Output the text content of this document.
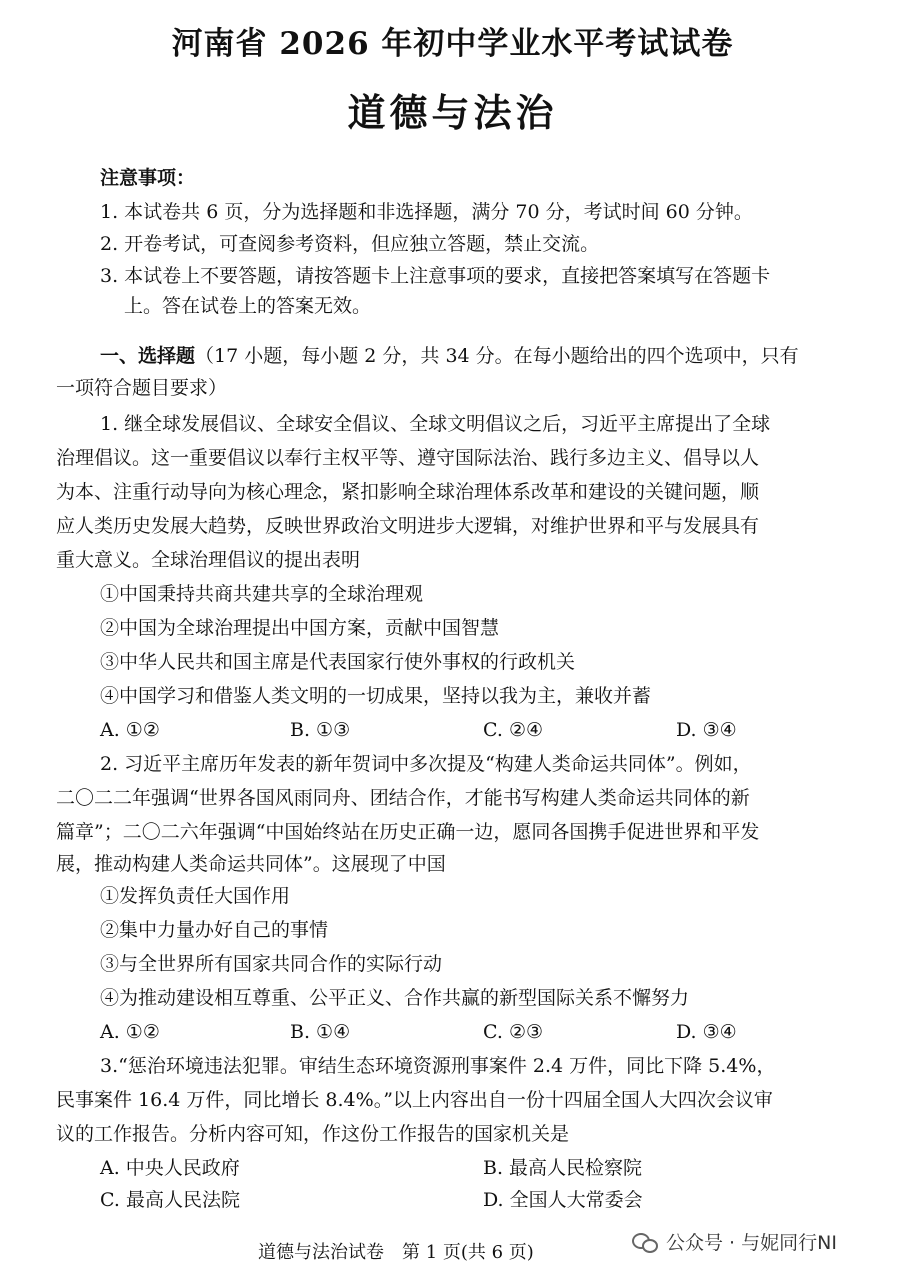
河南省 2026 年初中学业水平考试试卷
道德与法治
注意事项：
1. 本试卷共 6 页，分为选择题和非选择题，满分 70 分，考试时间 60 分钟。
2. 开卷考试，可查阅参考资料，但应独立答题，禁止交流。
3. 本试卷上不要答题，请按答题卡上注意事项的要求，直接把答案填写在答题卡
上。答在试卷上的答案无效。
一、选择题（17 小题，每小题 2 分，共 34 分。在每小题给出的四个选项中，只有
一项符合题目要求）
1. 继全球发展倡议、全球安全倡议、全球文明倡议之后，习近平主席提出了全球
治理倡议。这一重要倡议以奉行主权平等、遵守国际法治、践行多边主义、倡导以人
为本、注重行动导向为核心理念，紧扣影响全球治理体系改革和建设的关键问题，顺
应人类历史发展大趋势，反映世界政治文明进步大逻辑，对维护世界和平与发展具有
重大意义。全球治理倡议的提出表明
①中国秉持共商共建共享的全球治理观
②中国为全球治理提出中国方案，贡献中国智慧
③中华人民共和国主席是代表国家行使外事权的行政机关
④中国学习和借鉴人类文明的一切成果，坚持以我为主，兼收并蓄
A. ①②	B. ①③	C. ②④	D. ③④
2. 习近平主席历年发表的新年贺词中多次提及“构建人类命运共同体”。例如，
二〇二二年强调“世界各国风雨同舟、团结合作，才能书写构建人类命运共同体的新
篇章”；二〇二六年强调“中国始终站在历史正确一边，愿同各国携手促进世界和平发
展，推动构建人类命运共同体”。这展现了中国
①发挥负责任大国作用
②集中力量办好自己的事情
③与全世界所有国家共同合作的实际行动
④为推动建设相互尊重、公平正义、合作共赢的新型国际关系不懈努力
A. ①②	B. ①④	C. ②③	D. ③④
3.“惩治环境违法犯罪。审结生态环境资源刑事案件 2.4 万件，同比下降 5.4%，
民事案件 16.4 万件，同比增长 8.4%。”以上内容出自一份十四届全国人大四次会议审
议的工作报告。分析内容可知，作这份工作报告的国家机关是
A. 中央人民政府	B. 最高人民检察院
C. 最高人民法院	D. 全国人大常委会
道德与法治试卷　第 1 页(共 6 页)	公众号 · 与妮同行NI
